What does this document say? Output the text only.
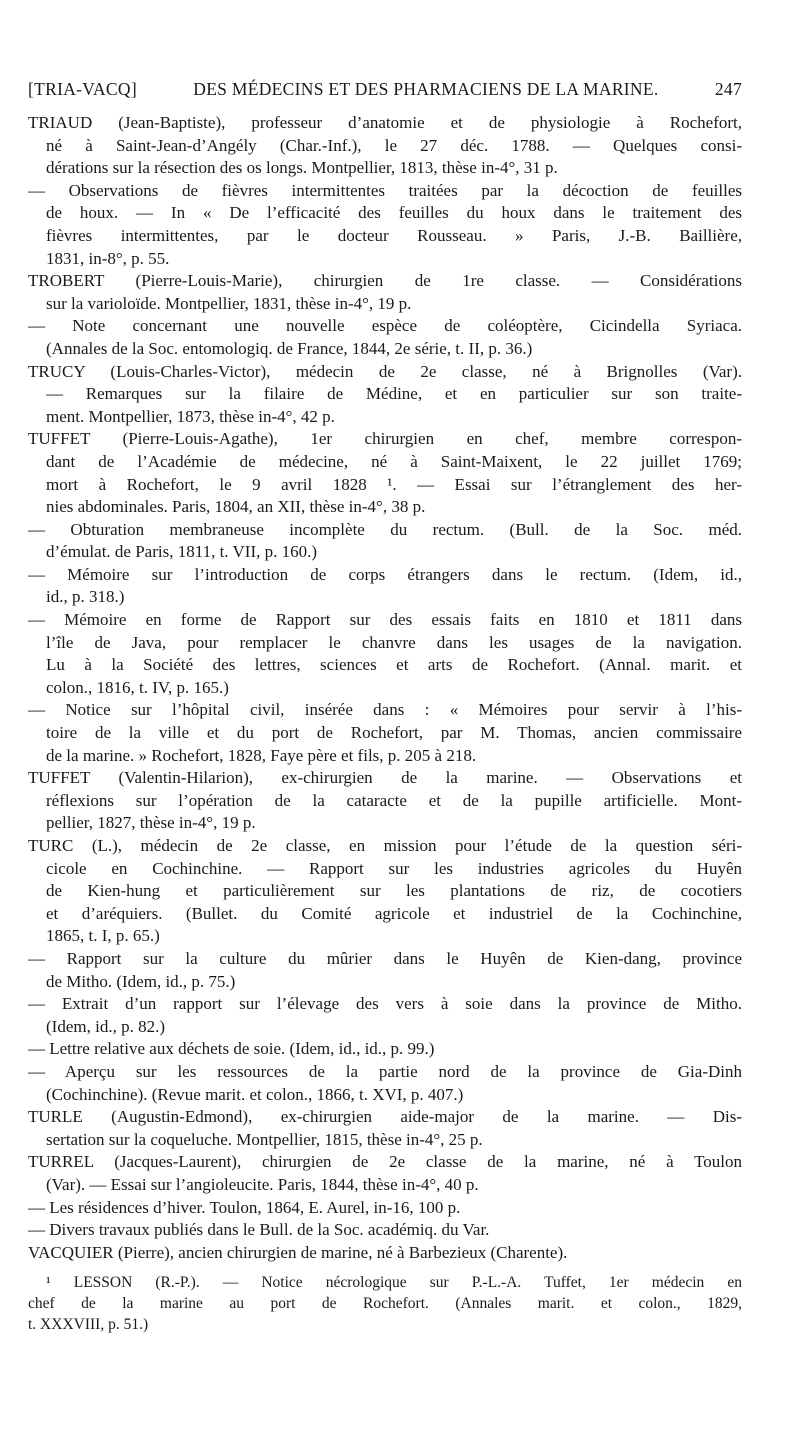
[TRIA-VACQ]	DES MÉDECINS ET DES PHARMACIENS DE LA MARINE.	247
TRIAUD (Jean-Baptiste), professeur d’anatomie et de physiologie à Rochefort,
né à Saint-Jean-d’Angély (Char.-Inf.), le 27 déc. 1788. — Quelques consi-
dérations sur la résection des os longs. Montpellier, 1813, thèse in-4°, 31 p.
— Observations de fièvres intermittentes traitées par la décoction de feuilles
de houx. — In « De l’efficacité des feuilles du houx dans le traitement des
fièvres intermittentes, par le docteur Rousseau. » Paris, J.-B. Baillière,
1831, in-8°, p. 55.
TROBERT (Pierre-Louis-Marie), chirurgien de 1re classe. — Considérations
sur la varioloïde. Montpellier, 1831, thèse in-4°, 19 p.
— Note concernant une nouvelle espèce de coléoptère, Cicindella Syriaca.
(Annales de la Soc. entomologiq. de France, 1844, 2e série, t. II, p. 36.)
TRUCY (Louis-Charles-Victor), médecin de 2e classe, né à Brignolles (Var).
— Remarques sur la filaire de Médine, et en particulier sur son traite-
ment. Montpellier, 1873, thèse in-4°, 42 p.
TUFFET (Pierre-Louis-Agathe), 1er chirurgien en chef, membre correspon-
dant de l’Académie de médecine, né à Saint-Maixent, le 22 juillet 1769;
mort à Rochefort, le 9 avril 1828 ¹. — Essai sur l’étranglement des her-
nies abdominales. Paris, 1804, an XII, thèse in-4°, 38 p.
— Obturation membraneuse incomplète du rectum. (Bull. de la Soc. méd.
d’émulat. de Paris, 1811, t. VII, p. 160.)
— Mémoire sur l’introduction de corps étrangers dans le rectum. (Idem, id.,
id., p. 318.)
— Mémoire en forme de Rapport sur des essais faits en 1810 et 1811 dans
l’île de Java, pour remplacer le chanvre dans les usages de la navigation.
Lu à la Société des lettres, sciences et arts de Rochefort. (Annal. marit. et
colon., 1816, t. IV, p. 165.)
— Notice sur l’hôpital civil, insérée dans : « Mémoires pour servir à l’his-
toire de la ville et du port de Rochefort, par M. Thomas, ancien commissaire
de la marine. » Rochefort, 1828, Faye père et fils, p. 205 à 218.
TUFFET (Valentin-Hilarion), ex-chirurgien de la marine. — Observations et
réflexions sur l’opération de la cataracte et de la pupille artificielle. Mont-
pellier, 1827, thèse in-4°, 19 p.
TURC (L.), médecin de 2e classe, en mission pour l’étude de la question séri-
cicole en Cochinchine. — Rapport sur les industries agricoles du Huyên
de Kien-hung et particulièrement sur les plantations de riz, de cocotiers
et d’aréquiers. (Bullet. du Comité agricole et industriel de la Cochinchine,
1865, t. I, p. 65.)
— Rapport sur la culture du mûrier dans le Huyên de Kien-dang, province
de Mitho. (Idem, id., p. 75.)
— Extrait d’un rapport sur l’élevage des vers à soie dans la province de Mitho.
(Idem, id., p. 82.)
— Lettre relative aux déchets de soie. (Idem, id., id., p. 99.)
— Aperçu sur les ressources de la partie nord de la province de Gia-Dinh
(Cochinchine). (Revue marit. et colon., 1866, t. XVI, p. 407.)
TURLE (Augustin-Edmond), ex-chirurgien aide-major de la marine. — Dis-
sertation sur la coqueluche. Montpellier, 1815, thèse in-4°, 25 p.
TURREL (Jacques-Laurent), chirurgien de 2e classe de la marine, né à Toulon
(Var). — Essai sur l’angioleucite. Paris, 1844, thèse in-4°, 40 p.
— Les résidences d’hiver. Toulon, 1864, E. Aurel, in-16, 100 p.
— Divers travaux publiés dans le Bull. de la Soc. académiq. du Var.
VACQUIER (Pierre), ancien chirurgien de marine, né à Barbezieux (Charente).
¹ LESSON (R.-P.). — Notice nécrologique sur P.-L.-A. Tuffet, 1er médecin en
chef de la marine au port de Rochefort. (Annales marit. et colon., 1829,
t. XXXVIII, p. 51.)
